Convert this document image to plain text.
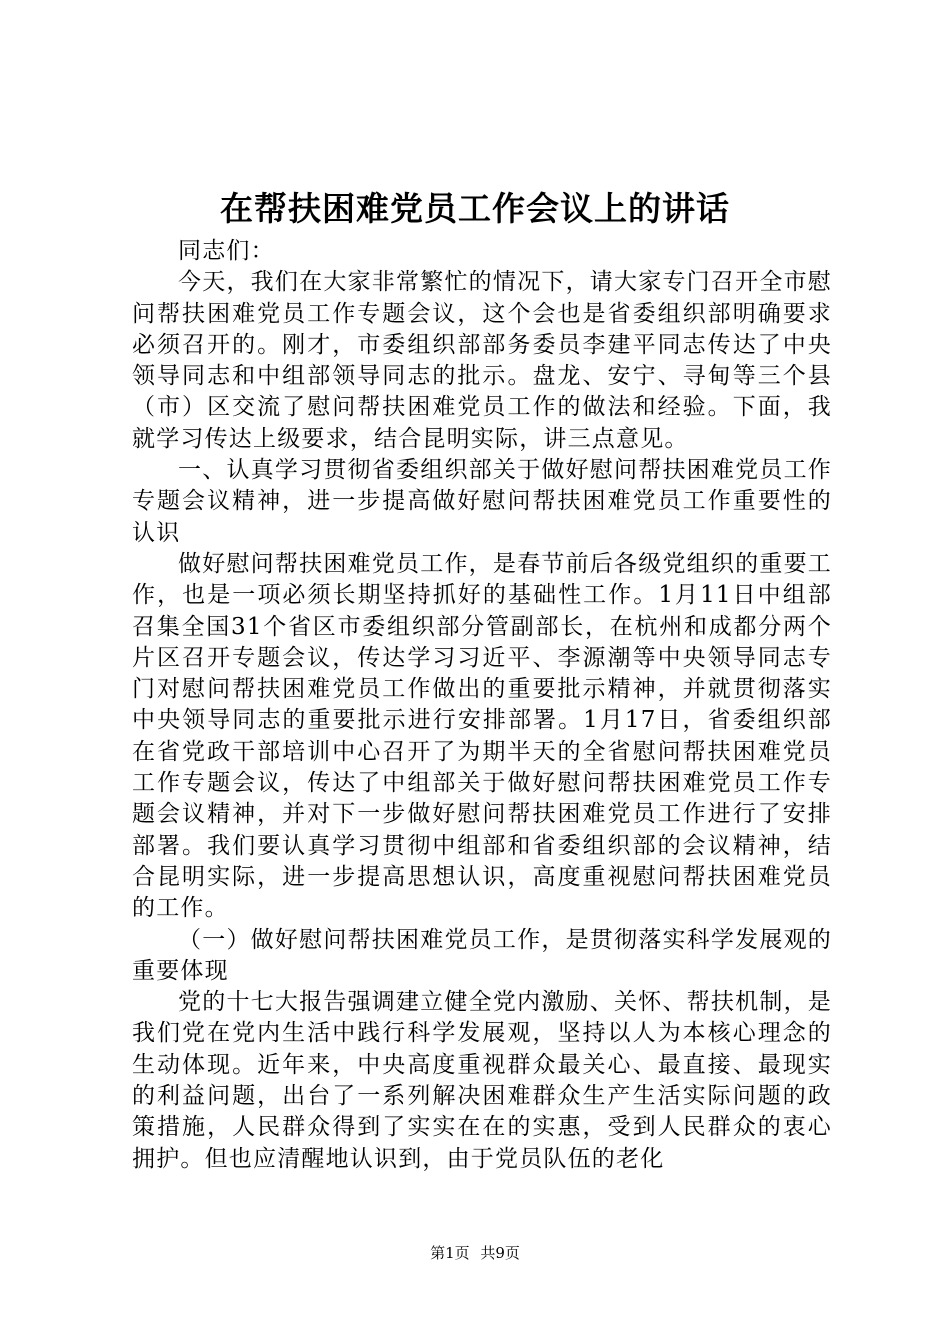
在帮扶困难党员工作会议上的讲话

同志们：

今天，我们在大家非常繁忙的情况下，请大家专门召开全市慰问帮扶困难党员工作专题会议，这个会也是省委组织部明确要求必须召开的。刚才，市委组织部部务委员李建平同志传达了中央领导同志和中组部领导同志的批示。盘龙、安宁、寻甸等三个县（市）区交流了慰问帮扶困难党员工作的做法和经验。下面，我就学习传达上级要求，结合昆明实际，讲三点意见。

一、认真学习贯彻省委组织部关于做好慰问帮扶困难党员工作专题会议精神，进一步提高做好慰问帮扶困难党员工作重要性的认识

做好慰问帮扶困难党员工作，是春节前后各级党组织的重要工作，也是一项必须长期坚持抓好的基础性工作。1月11日中组部召集全国31个省区市委组织部分管副部长，在杭州和成都分两个片区召开专题会议，传达学习习近平、李源潮等中央领导同志专门对慰问帮扶困难党员工作做出的重要批示精神，并就贯彻落实中央领导同志的重要批示进行安排部署。1月17日，省委组织部在省党政干部培训中心召开了为期半天的全省慰问帮扶困难党员工作专题会议，传达了中组部关于做好慰问帮扶困难党员工作专题会议精神，并对下一步做好慰问帮扶困难党员工作进行了安排部署。我们要认真学习贯彻中组部和省委组织部的会议精神，结合昆明实际，进一步提高思想认识，高度重视慰问帮扶困难党员的工作。

（一）做好慰问帮扶困难党员工作，是贯彻落实科学发展观的重要体现

党的十七大报告强调建立健全党内激励、关怀、帮扶机制，是我们党在党内生活中践行科学发展观，坚持以人为本核心理念的生动体现。近年来，中央高度重视群众最关心、最直接、最现实的利益问题，出台了一系列解决困难群众生产生活实际问题的政策措施，人民群众得到了实实在在的实惠，受到人民群众的衷心拥护。但也应清醒地认识到，由于党员队伍的老化

第1页 共9页
